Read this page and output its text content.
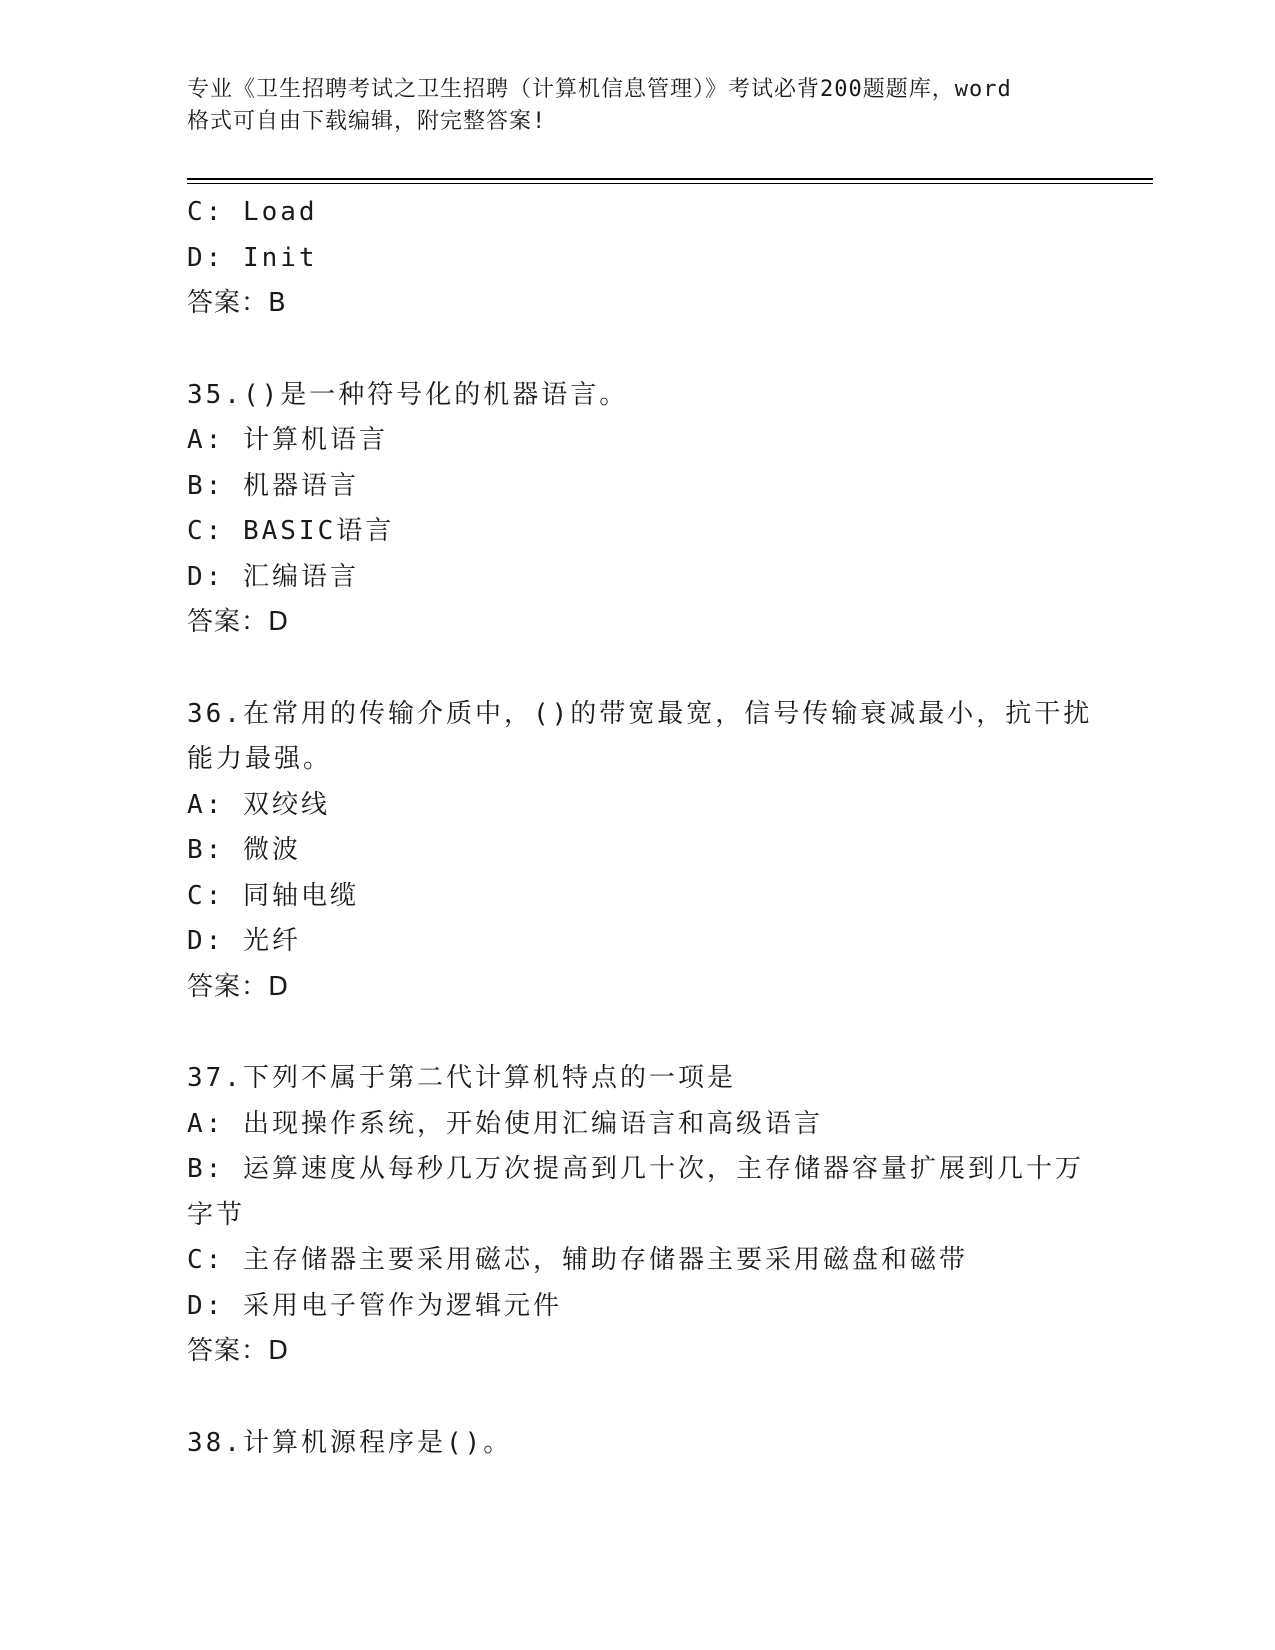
专业《卫生招聘考试之卫生招聘（计算机信息管理）》考试必背200题题库，word
格式可自由下载编辑，附完整答案!
C: Load
D: Init
答案：B
35.()是一种符号化的机器语言。
A: 计算机语言
B: 机器语言
C: BASIC语言
D: 汇编语言
答案：D
36.在常用的传输介质中，()的带宽最宽，信号传输衰减最小，抗干扰
能力最强。
A: 双绞线
B: 微波
C: 同轴电缆
D: 光纤
答案：D
37.下列不属于第二代计算机特点的一项是
A: 出现操作系统，开始使用汇编语言和高级语言
B: 运算速度从每秒几万次提高到几十次，主存储器容量扩展到几十万
字节
C: 主存储器主要采用磁芯，辅助存储器主要采用磁盘和磁带
D: 采用电子管作为逻辑元件
答案：D
38.计算机源程序是()。
